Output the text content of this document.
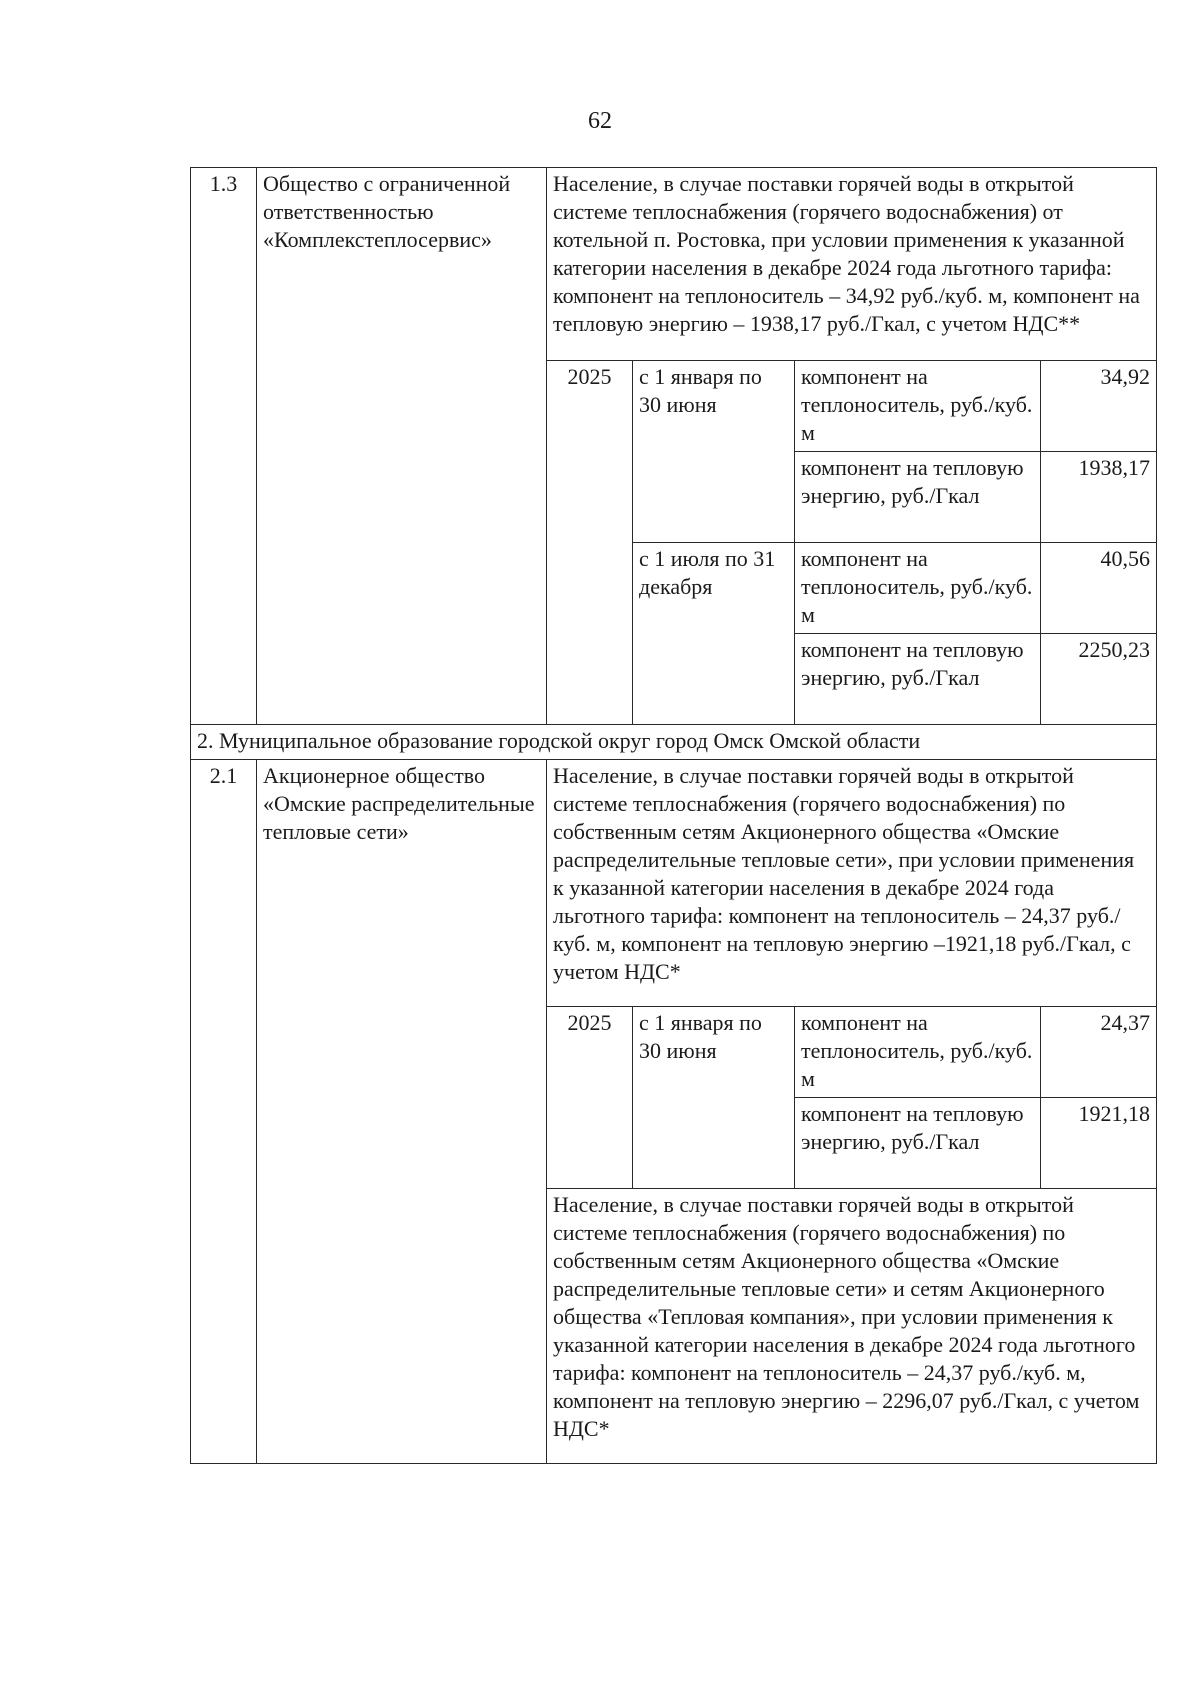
62
1.3	Общество с ограниченной ответственностью «Комплекстеплосервис»	Население, в случае поставки горячей воды в открытой системе теплоснабжения (горячего водоснабжения) от котельной п. Ростовка, при условии применения к указанной категории населения в декабре 2024 года льготного тарифа: компонент на теплоноситель – 34,92 руб./куб. м, компонент на тепловую энергию – 1938,17 руб./Гкал, с учетом НДС**			
		2025	с 1 января по 30 июня	компонент на теплоноситель, руб./куб. м	34,92
				компонент на тепловую энергию, руб./Гкал	1938,17
			с 1 июля по 31 декабря	компонент на теплоноситель, руб./куб. м	40,56
				компонент на тепловую энергию, руб./Гкал	2250,23
2. Муниципальное образование городской округ город Омск Омской области					
2.1	Акционерное общество «Омские распределительные тепловые сети»	Население, в случае поставки горячей воды в открытой системе теплоснабжения (горячего водоснабжения) по собственным сетям Акционерного общества «Омские распределительные тепловые сети», при условии применения к указанной категории населения в декабре 2024 года льготного тарифа: компонент на теплоноситель – 24,37 руб./куб. м, компонент на тепловую энергию –1921,18 руб./Гкал, с учетом НДС*			
		2025	с 1 января по 30 июня	компонент на теплоноситель, руб./куб. м	24,37
				компонент на тепловую энергию, руб./Гкал	1921,18
		Население, в случае поставки горячей воды в открытой системе теплоснабжения (горячего водоснабжения) по собственным сетям Акционерного общества «Омские распределительные тепловые сети» и сетям Акционерного общества «Тепловая компания», при условии применения к указанной категории населения в декабре 2024 года льготного тарифа: компонент на теплоноситель – 24,37 руб./куб. м, компонент на тепловую энергию – 2296,07 руб./Гкал, с учетом НДС*			
